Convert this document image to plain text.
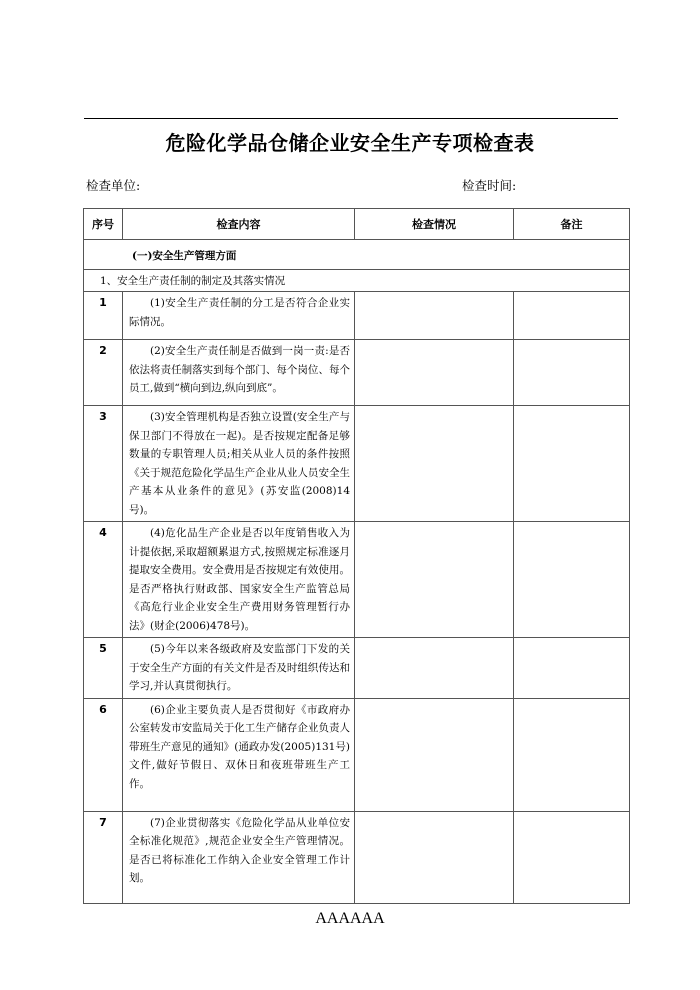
危险化学品仓储企业安全生产专项检查表
检查单位:	检查时间:
序号	检查内容	检查情况	备注
(一)安全生产管理方面			
1、安全生产责任制的制定及其落实情况			
1	(1)安全生产责任制的分工是否符合企业实际情况。		
2	(2)安全生产责任制是否做到一岗一责:是否依法将责任制落实到每个部门、每个岗位、每个员工,做到“横向到边,纵向到底”。		
3	(3)安全管理机构是否独立设置(安全生产与保卫部门不得放在一起)。是否按规定配备足够数量的专职管理人员;相关从业人员的条件按照《关于规范危险化学品生产企业从业人员安全生产基本从业条件的意见》(苏安监(2008)14号)。		
4	(4)危化品生产企业是否以年度销售收入为计提依据,采取超额累退方式,按照规定标准逐月提取安全费用。安全费用是否按规定有效使用。是否严格执行财政部、国家安全生产监管总局《高危行业企业安全生产费用财务管理暂行办法》(财企(2006)478号)。		
5	(5)今年以来各级政府及安监部门下发的关于安全生产方面的有关文件是否及时组织传达和学习,并认真贯彻执行。		
6	(6)企业主要负责人是否贯彻好《市政府办公室转发市安监局关于化工生产储存企业负责人带班生产意见的通知》(通政办发(2005)131号)文件,做好节假日、双休日和夜班带班生产工作。		
7	(7)企业贯彻落实《危险化学品从业单位安全标准化规范》,规范企业安全生产管理情况。是否已将标准化工作纳入企业安全管理工作计划。		
AAAAAA
